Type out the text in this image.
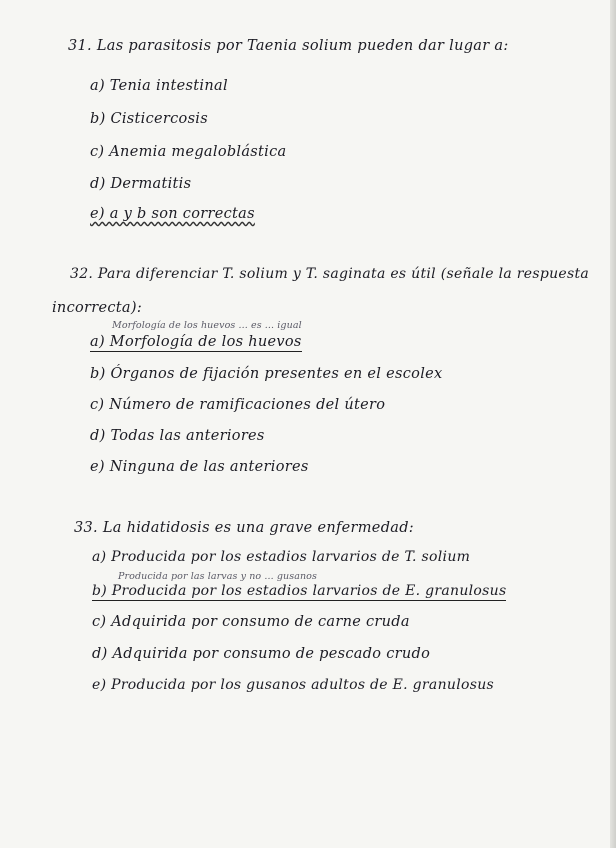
31. Las parasitosis por Taenia solium pueden dar lugar a:
a) Tenia intestinal
b) Cisticercosis
c) Anemia megaloblástica
d) Dermatitis
e) a y b son correctas
32. Para diferenciar T. solium y T. saginata es útil (señale la respuesta
incorrecta):
Morfología de los huevos ... es ... igual
a) Morfología de los huevos
b) Órganos de fijación presentes en el escolex
c) Número de ramificaciones del útero
d) Todas las anteriores
e) Ninguna de las anteriores
33. La hidatidosis es una grave enfermedad:
a) Producida por los estadios larvarios de T. solium
Producida por las larvas y no ... gusanos
b) Producida por los estadios larvarios de E. granulosus
c) Adquirida por consumo de carne cruda
d) Adquirida por consumo de pescado crudo
e) Producida por los gusanos adultos de E. granulosus
